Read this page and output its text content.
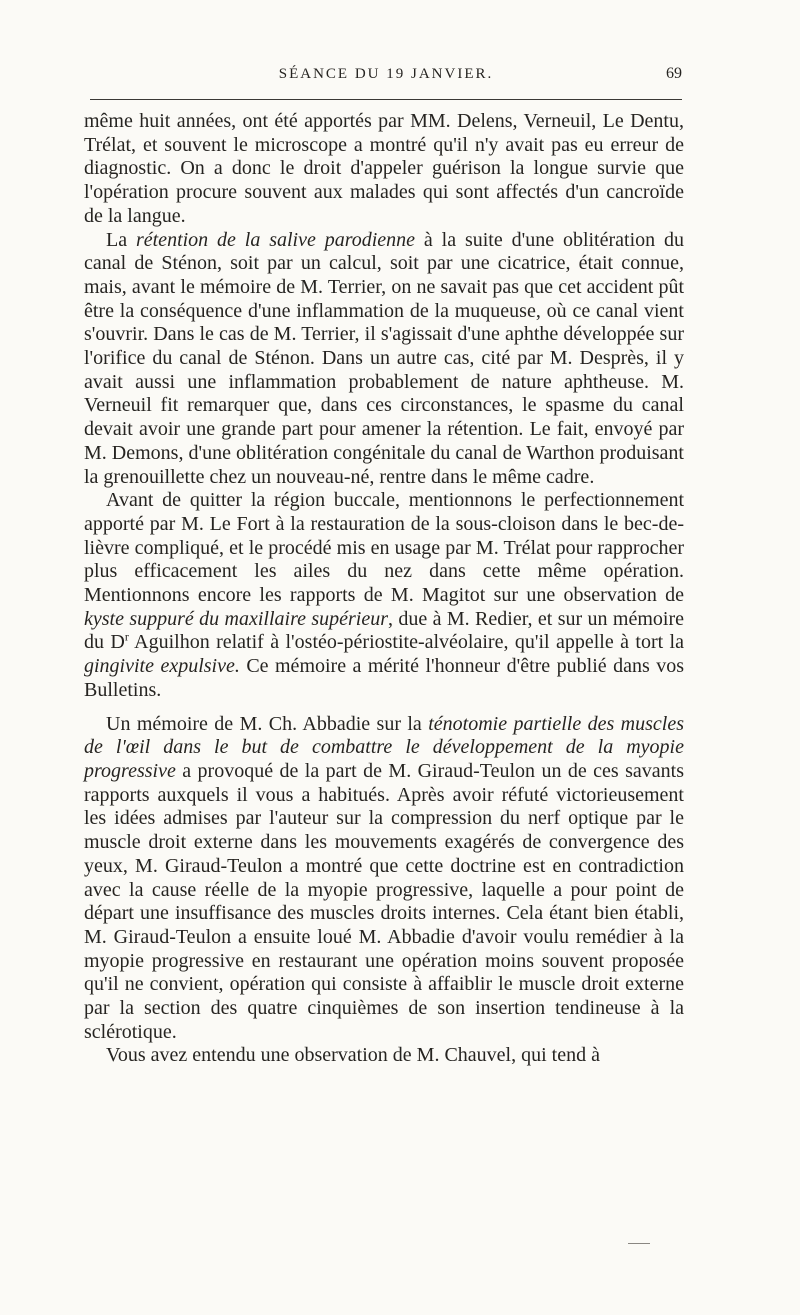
SÉANCE DU 19 JANVIER.	69

même huit années, ont été apportés par MM. Delens, Verneuil, Le Dentu, Trélat, et souvent le microscope a montré qu'il n'y avait pas eu erreur de diagnostic. On a donc le droit d'appeler guérison la longue survie que l'opération procure souvent aux malades qui sont affectés d'un cancroïde de la langue.

La rétention de la salive parodienne à la suite d'une oblitération du canal de Sténon, soit par un calcul, soit par une cicatrice, était connue, mais, avant le mémoire de M. Terrier, on ne savait pas que cet accident pût être la conséquence d'une inflammation de la muqueuse, où ce canal vient s'ouvrir. Dans le cas de M. Terrier, il s'agissait d'une aphthe développée sur l'orifice du canal de Sténon. Dans un autre cas, cité par M. Desprès, il y avait aussi une inflammation probablement de nature aphtheuse. M. Verneuil fit remarquer que, dans ces circonstances, le spasme du canal devait avoir une grande part pour amener la rétention. Le fait, envoyé par M. Demons, d'une oblitération congénitale du canal de Warthon produisant la grenouillette chez un nouveau-né, rentre dans le même cadre.

Avant de quitter la région buccale, mentionnons le perfectionnement apporté par M. Le Fort à la restauration de la sous-cloison dans le bec-de-lièvre compliqué, et le procédé mis en usage par M. Trélat pour rapprocher plus efficacement les ailes du nez dans cette même opération. Mentionnons encore les rapports de M. Magitot sur une observation de kyste suppuré du maxillaire supérieur, due à M. Redier, et sur un mémoire du D$^r$ Aguilhon relatif à l'ostéo-périostite-alvéolaire, qu'il appelle à tort la gingivite expulsive. Ce mémoire a mérité l'honneur d'être publié dans vos Bulletins.

Un mémoire de M. Ch. Abbadie sur la ténotomie partielle des muscles de l'œil dans le but de combattre le développement de la myopie progressive a provoqué de la part de M. Giraud-Teulon un de ces savants rapports auxquels il vous a habitués. Après avoir réfuté victorieusement les idées admises par l'auteur sur la compression du nerf optique par le muscle droit externe dans les mouvements exagérés de convergence des yeux, M. Giraud-Teulon a montré que cette doctrine est en contradiction avec la cause réelle de la myopie progressive, laquelle a pour point de départ une insuffisance des muscles droits internes. Cela étant bien établi, M. Giraud-Teulon a ensuite loué M. Abbadie d'avoir voulu remédier à la myopie progressive en restaurant une opération moins souvent proposée qu'il ne convient, opération qui consiste à affaiblir le muscle droit externe par la section des quatre cinquièmes de son insertion tendineuse à la sclérotique.

Vous avez entendu une observation de M. Chauvel, qui tend à
